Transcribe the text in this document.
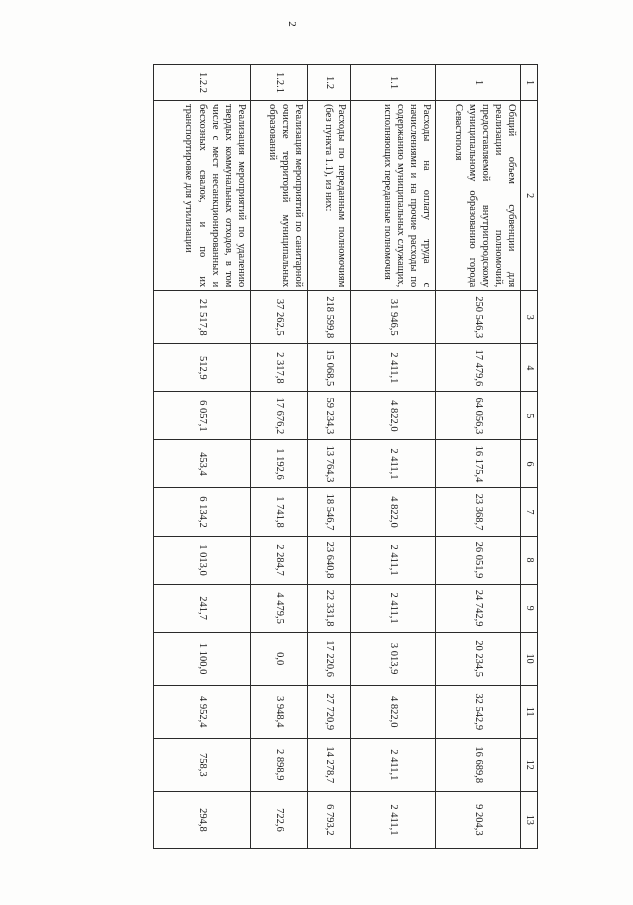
2
1	2	3	4	5	6	7	8	9	10	11	12	13
1	Общий объем субвенции для реализации полномочий, предоставляемой внутригородскому муниципальному образованию города Севастополя	250 546,3	17 479,6	64 056,3	16 175,4	23 368,7	26 051,9	24 742,9	20 234,5	32 542,9	16 689,8	9 204,3
1.1	Расходы на оплату труда с начислениями и на прочие расходы по содержанию муниципальных служащих, исполняющих переданные полномочия	31 946,5	2 411,1	4 822,0	2 411,1	4 822,0	2 411,1	2 411,1	3 013,9	4 822,0	2 411,1	2 411,1
1.2	Расходы по переданным полномочиям (без пункта 1.1), из них:	218 599,8	15 068,5	59 234,3	13 764,3	18 546,7	23 640,8	22 331,8	17 220,6	27 720,9	14 278,7	6 793,2
1.2.1	Реализация мероприятий по санитарной очистке территорий муниципальных образований	37 262,5	2 317,8	17 676,2	1 192,6	1 741,8	2 284,7	4 479,5	0,0	3 948,4	2 898,9	722,6
1.2.2	Реализация мероприятий по удалению твердых коммунальных отходов, в том числе с мест несанкционированных и бесхозных свалок, и по их транспортировке для утилизации	21 517,8	512,9	6 057,1	453,4	6 134,2	1 013,0	241,7	1 100,0	4 952,4	758,3	294,8
